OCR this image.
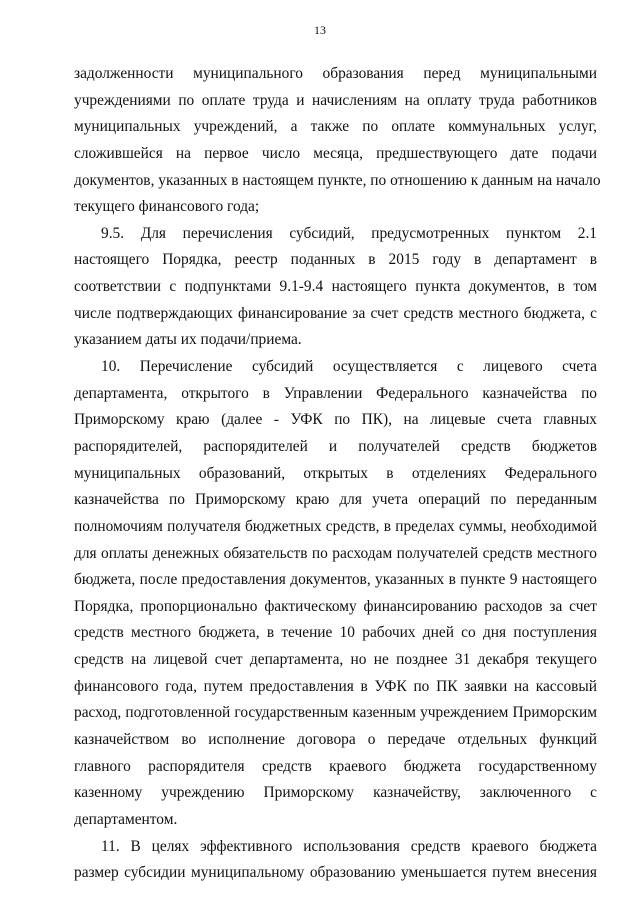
13
задолженности муниципального образования перед муниципальными
учреждениями по оплате труда и начислениям на оплату труда работников
муниципальных учреждений, а также по оплате коммунальных услуг,
сложившейся на первое число месяца, предшествующего дате подачи
документов, указанных в настоящем пункте, по отношению к данным на начало
текущего финансового года;
9.5. Для перечисления субсидий, предусмотренных пунктом 2.1
настоящего Порядка, реестр поданных в 2015 году в департамент в
соответствии с подпунктами 9.1-9.4 настоящего пункта документов, в том
числе подтверждающих финансирование за счет средств местного бюджета, с
указанием даты их подачи/приема.
10. Перечисление субсидий осуществляется с лицевого счета
департамента, открытого в Управлении Федерального казначейства по
Приморскому краю (далее - УФК по ПК), на лицевые счета главных
распорядителей, распорядителей и получателей средств бюджетов
муниципальных образований, открытых в отделениях Федерального
казначейства по Приморскому краю для учета операций по переданным
полномочиям получателя бюджетных средств, в пределах суммы, необходимой
для оплаты денежных обязательств по расходам получателей средств местного
бюджета, после предоставления документов, указанных в пункте 9 настоящего
Порядка, пропорционально фактическому финансированию расходов за счет
средств местного бюджета, в течение 10 рабочих дней со дня поступления
средств на лицевой счет департамента, но не позднее 31 декабря текущего
финансового года, путем предоставления в УФК по ПК заявки на кассовый
расход, подготовленной государственным казенным учреждением Приморским
казначейством во исполнение договора о передаче отдельных функций
главного распорядителя средств краевого бюджета государственному
казенному учреждению Приморскому казначейству, заключенного с
департаментом.
11. В целях эффективного использования средств краевого бюджета
размер субсидии муниципальному образованию уменьшается путем внесения
